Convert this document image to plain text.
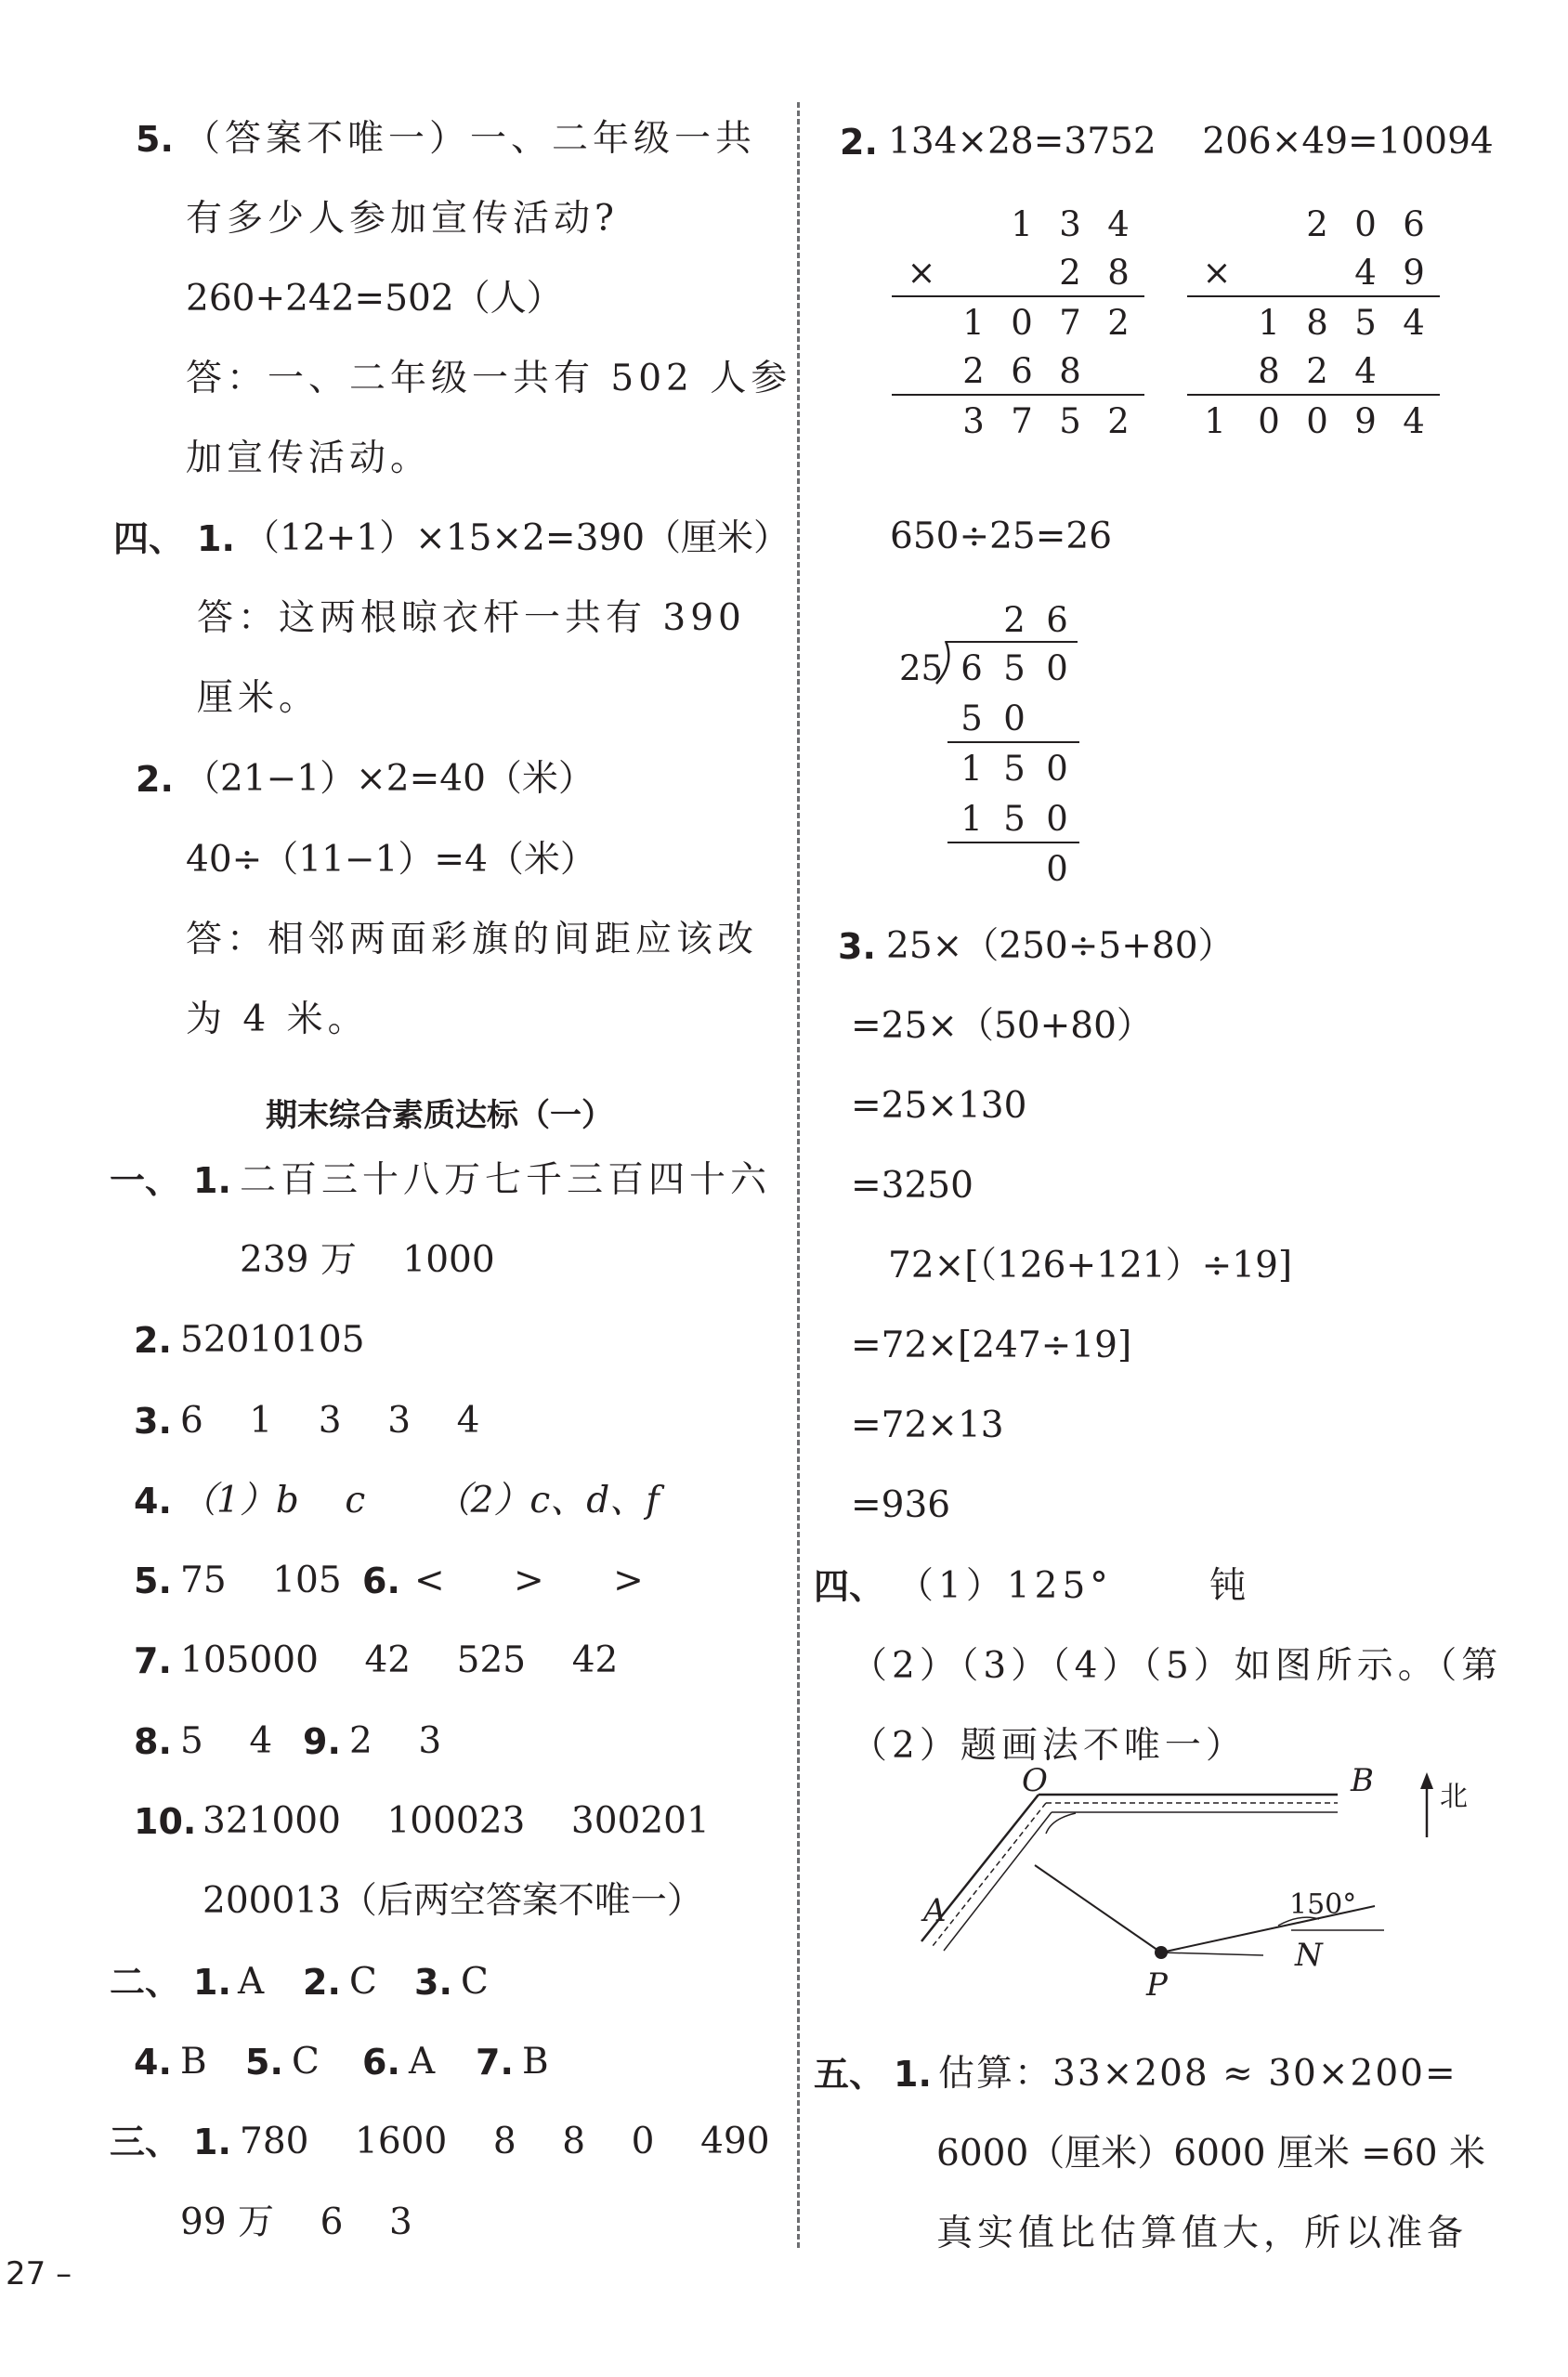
5. （答案不唯一）一、二年级一共
有多少人参加宣传活动?
260+242=502（人）
答：一、二年级一共有 502 人参
加宣传活动。
四、 1. （12+1）×15×2=390（厘米）
答：这两根晾衣杆一共有 390
厘米。
2. （21−1）×2=40（米）
40÷（11−1）=4（米）
答：相邻两面彩旗的间距应该改
为 4 米。
期末综合素质达标（一）
一、 1. 二百三十八万七千三百四十六
239 万    1000
2. 52010105
3. 6    1    3    3    4
4. （1）b    c      （2）c、d、f
5. 75    105 6. <      >      >
7. 105000    42    525    42
8. 5    4 9. 2    3
10. 321000    100023    300201
200013（后两空答案不唯一）
二、 1. A 2. C 3. C
4. B 5. C 6. A 7. B
三、 1. 780    1600    8    8    0    490
99 万    6    3
2. 134×28=3752    206×49=10094
1 3 4
×	2 8
1 0 7 2
2 6 8
3 7 5 2
2 0 6
×	4 9
1 8 5 4
8 2 4
1 0 0 9 4
650÷25=26
2 6
25 6 5 0
5 0
1 5 0
1 5 0
0
3. 25×（250÷5+80）
=25×（50+80）
=25×130
=3250
72×[（126+121）÷19]
=72×[247÷19]
=72×13
=936
四、 （1）125°      钝
（2）（3）（4）（5）如图所示。（第
（2）题画法不唯一）
O	B
A
P
N
150°
北
五、 1. 估算：33×208 ≈ 30×200=
6000（厘米）6000 厘米 =60 米
真实值比估算值大，所以准备
27 –
